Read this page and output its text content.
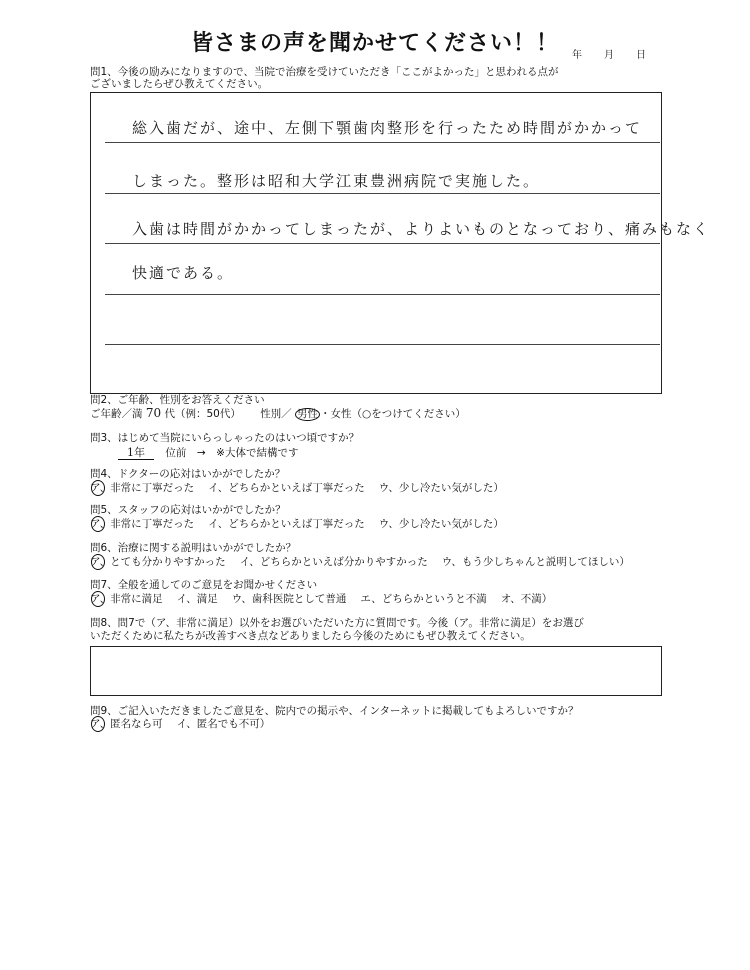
皆さまの声を聞かせてください！！	年 月 日
問1、今後の励みになりますので、当院で治療を受けていただき「ここがよかった」と思われる点が
ございましたらぜひ教えてください。
総入歯だが、途中、左側下顎歯肉整形を行ったため時間がかかって
しまった。整形は昭和大学江東豊洲病院で実施した。
入歯は時間がかかってしまったが、よりよいものとなっており、痛みもなく
快適である。
問2、ご年齢、性別をお答えください
ご年齢／満 70 代（例：50代） 性別／ 男性 ・女性（○をつけてください）
問3、はじめて当院にいらっしゃったのはいつ頃ですか？
1年 位前　→　※大体で結構です
問4、ドクターの応対はいかがでしたか？
ア、非常に丁寧だった イ、どちらかといえば丁寧だった ウ、少し冷たい気がした）
問5、スタッフの応対はいかがでしたか？
ア、非常に丁寧だった イ、どちらかといえば丁寧だった ウ、少し冷たい気がした）
問6、治療に関する説明はいかがでしたか？
ア、とても分かりやすかった イ、どちらかといえば分かりやすかった ウ、もう少しちゃんと説明してほしい）
問7、全般を通してのご意見をお聞かせください
ア、非常に満足 イ、満足 ウ、歯科医院として普通 エ、どちらかというと不満 オ、不満）
問8、問7で（ア、非常に満足）以外をお選びいただいた方に質問です。今後（ア。非常に満足）をお選び
いただくために私たちが改善すべき点などありましたら今後のためにもぜひ教えてください。
問9、ご記入いただきましたご意見を、院内での掲示や、インターネットに掲載してもよろしいですか？
ア、匿名なら可 イ、匿名でも不可）
